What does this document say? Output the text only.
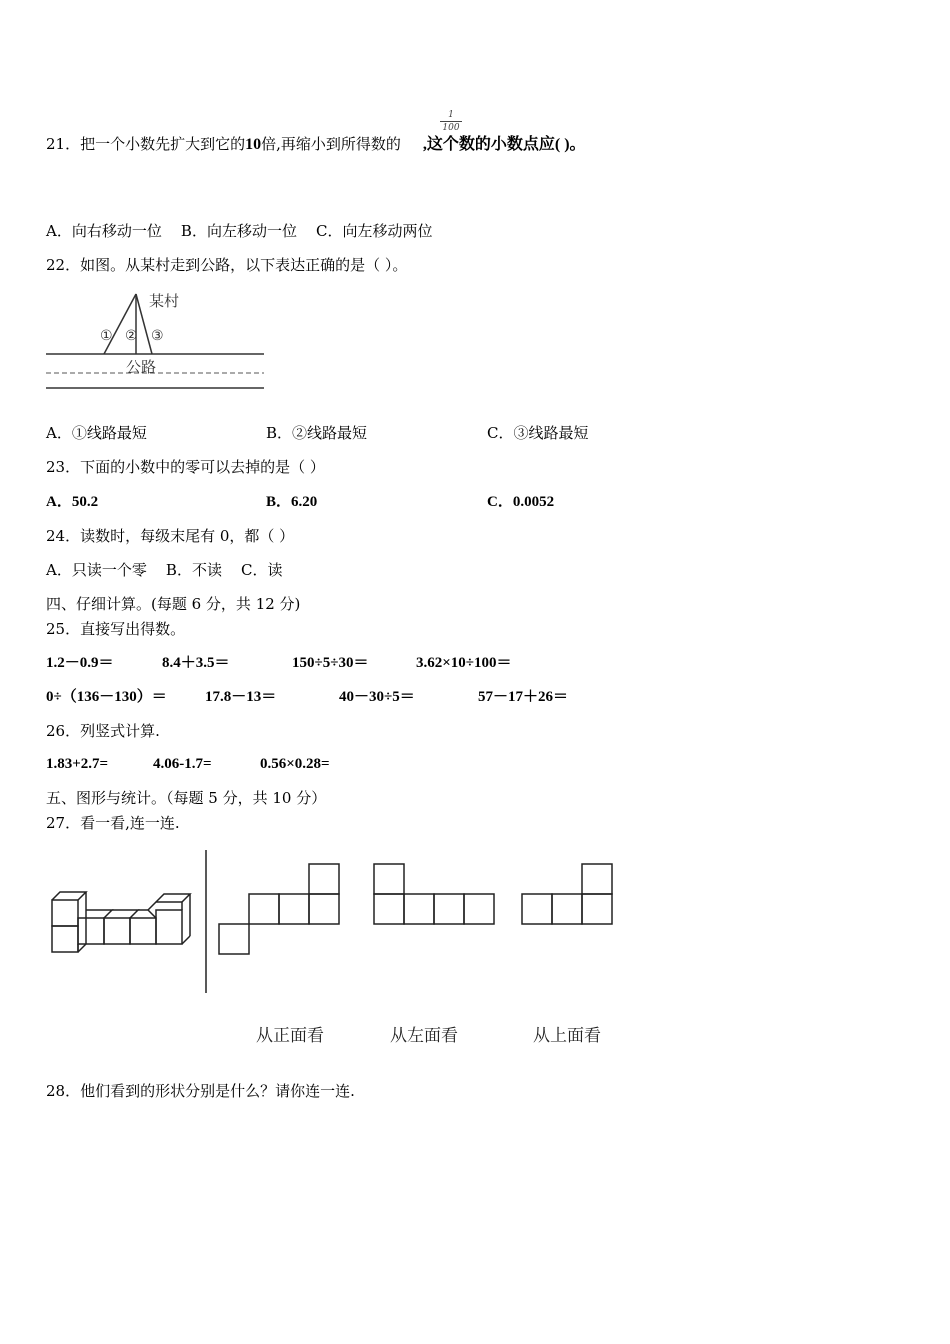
21．把一个小数先扩大到它的10倍,再缩小到所得数的 ,这个数的小数点应( )。
1
100
A．向右移动一位 B．向左移动一位 C．向左移动两位
22．如图。从某村走到公路，以下表达正确的是（ ）。
某村
① ② ③
公路
A．①线路最短	B．②线路最短	C．③线路最短
23．下面的小数中的零可以去掉的是（ ）
A．50.2	B．6.20	C．0.0052
24．读数时，每级末尾有 0，都（ ）
A．只读一个零 B．不读 C．读
四、仔细计算。(每题 6 分，共 12 分)
25．直接写出得数。
1.2－0.9＝	8.4＋3.5＝	150÷5÷30＝	3.62×10÷100＝
0÷（136－130）＝	17.8－13＝	40－30÷5＝	57－17＋26＝
26．列竖式计算.
1.83+2.7=	4.06-1.7=	0.56×0.28=
五、图形与统计。（每题 5 分，共 10 分）
27．看一看,连一连.
从正面看	从左面看	从上面看
28．他们看到的形状分别是什么？请你连一连.
